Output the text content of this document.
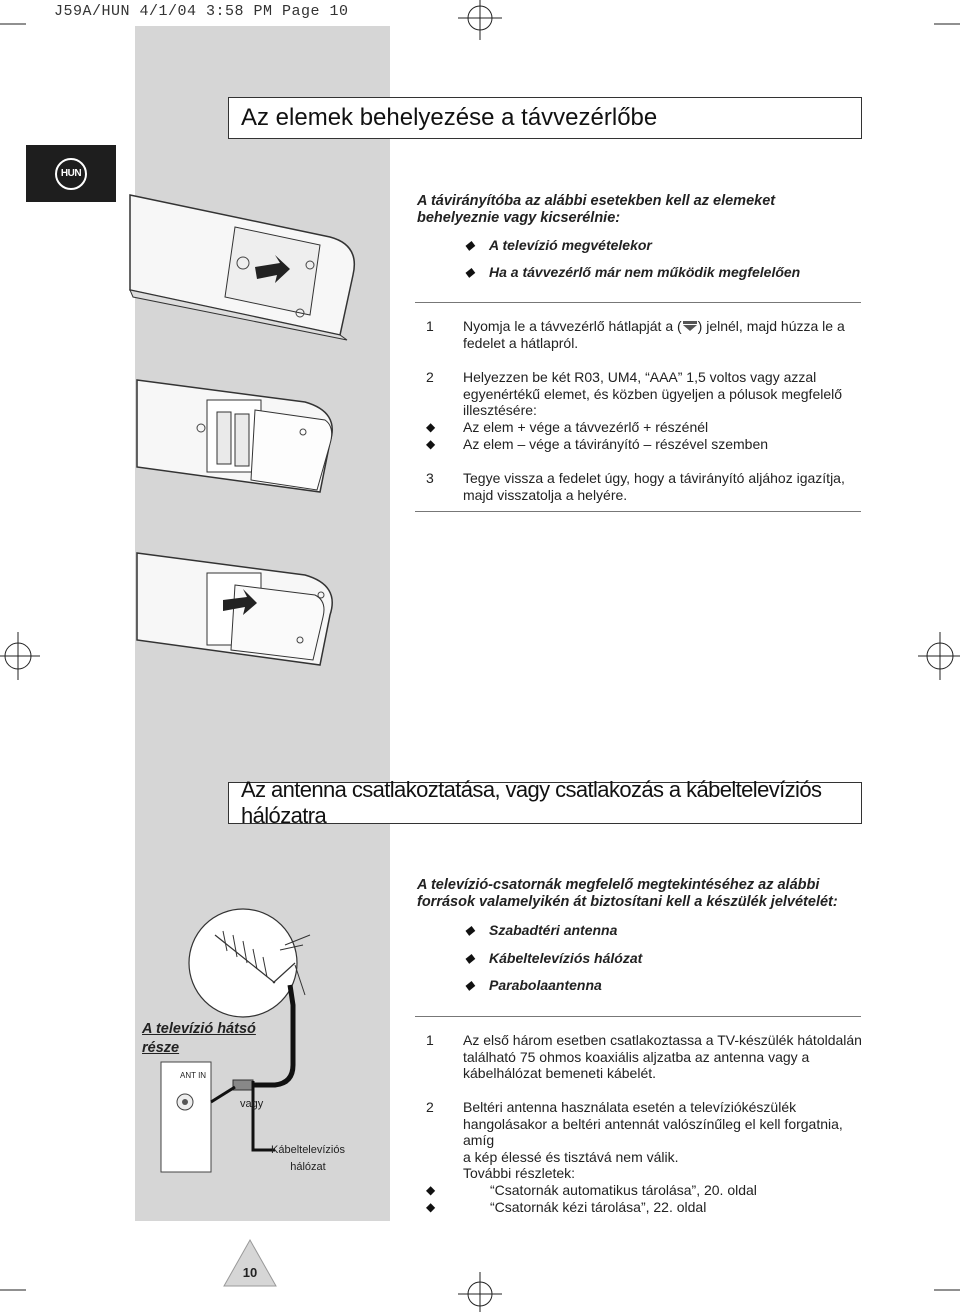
J59A/HUN 4/1/04 3:58 PM Page 10
Az elemek behelyezése a távvezérlőbe
HUN
A távirányítóba az alábbi esetekben kell az elemeket
behelyeznie vagy kicserélnie:
◆	A televízió megvételekor
◆	Ha a távvezérlő már nem működik megfelelően
1	Nyomja le a távvezérlő hátlapját a ( ) jelnél, majd húzza le a
fedelet a hátlapról.
2	Helyezzen be két R03, UM4, “AAA” 1,5 voltos vagy azzal
egyenértékű elemet, és közben ügyeljen a pólusok megfelelő
illesztésére:
◆	Az elem + vége a távvezérlő + részénél
◆	Az elem – vége a távirányító – részével szemben
3	Tegye vissza a fedelet úgy, hogy a távirányító aljához igazítja,
majd visszatolja a helyére.
Az antenna csatlakoztatása, vagy csatlakozás a kábeltelevíziós hálózatra
A televízió-csatornák megfelelő megtekintéséhez az alábbi
források valamelyikén át biztosítani kell a készülék jelvételét:
◆	Szabadtéri antenna
◆	Kábeltelevíziós hálózat
◆	Parabolaantenna
1	Az első három esetben csatlakoztassa a TV-készülék hátoldalán
található 75 ohmos koaxiális aljzatba az antenna vagy a
kábelhálózat bemeneti kábelét.
2	Beltéri antenna használata esetén a televíziókészülék
hangolásakor a beltéri antennát valószínűleg el kell forgatnia, amíg
a kép élessé és tisztává nem válik.
További részletek:
◆	“Csatornák automatikus tárolása”, 20. oldal
◆	“Csatornák kézi tárolása”, 22. oldal
A televízió hátsó
része
ANT IN
vagy
Kábeltelevíziós
hálózat
10
